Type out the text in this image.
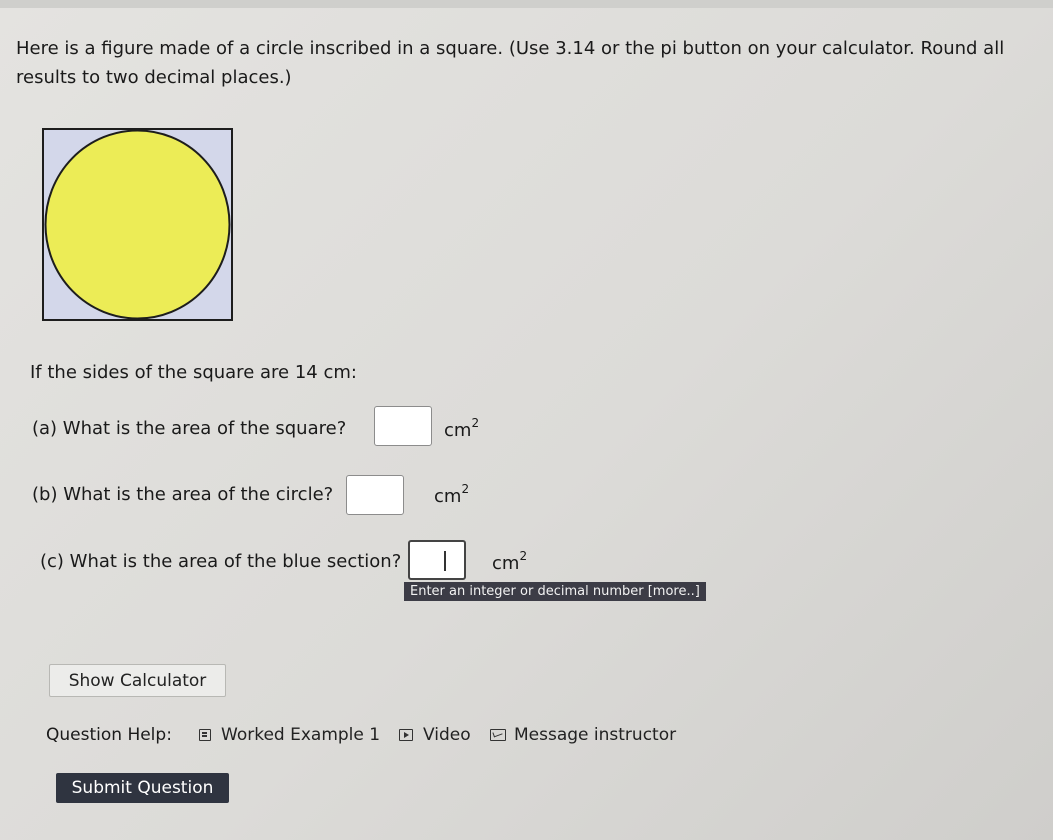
Here is a figure made of a circle inscribed in a square. (Use 3.14 or the pi button on your calculator. Round all results to two decimal places.)
If the sides of the square are 14 cm:
(a) What is the area of the square?	$cm^2$
(b) What is the area of the circle?	$cm^2$
(c) What is the area of the blue section?	$cm^2$
Enter an integer or decimal number [more..]
Show Calculator
Question Help:	Worked Example 1	Video	Message instructor
Submit Question
